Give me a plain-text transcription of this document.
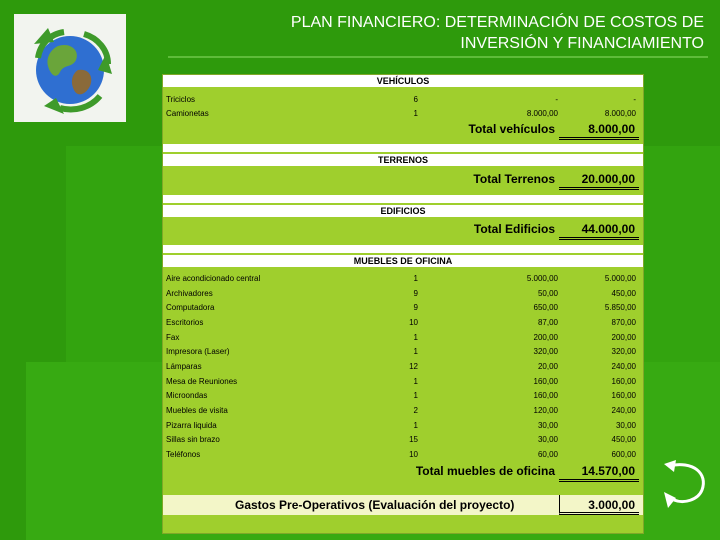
PLAN FINANCIERO: DETERMINACIÓN DE COSTOS DE
INVERSIÓN Y FINANCIAMIENTO
VEHÍCULOS
Triciclos	6	-	-
Camionetas	1	8.000,00	8.000,00
Total vehículos	8.000,00
TERRENOS
Total Terrenos	20.000,00
EDIFICIOS
Total Edificios	44.000,00
MUEBLES DE OFICINA
Aire acondicionado central	1	5.000,00	5.000,00
Archivadores	9	50,00	450,00
Computadora	9	650,00	5.850,00
Escritorios	10	87,00	870,00
Fax	1	200,00	200,00
Impresora (Laser)	1	320,00	320,00
Lámparas	12	20,00	240,00
Mesa de Reuniones	1	160,00	160,00
Microondas	1	160,00	160,00
Muebles de visita	2	120,00	240,00
Pizarra liquida	1	30,00	30,00
Sillas sin brazo	15	30,00	450,00
Teléfonos	10	60,00	600,00
Total muebles de oficina	14.570,00
Gastos Pre-Operativos (Evaluación del proyecto)	3.000,00
